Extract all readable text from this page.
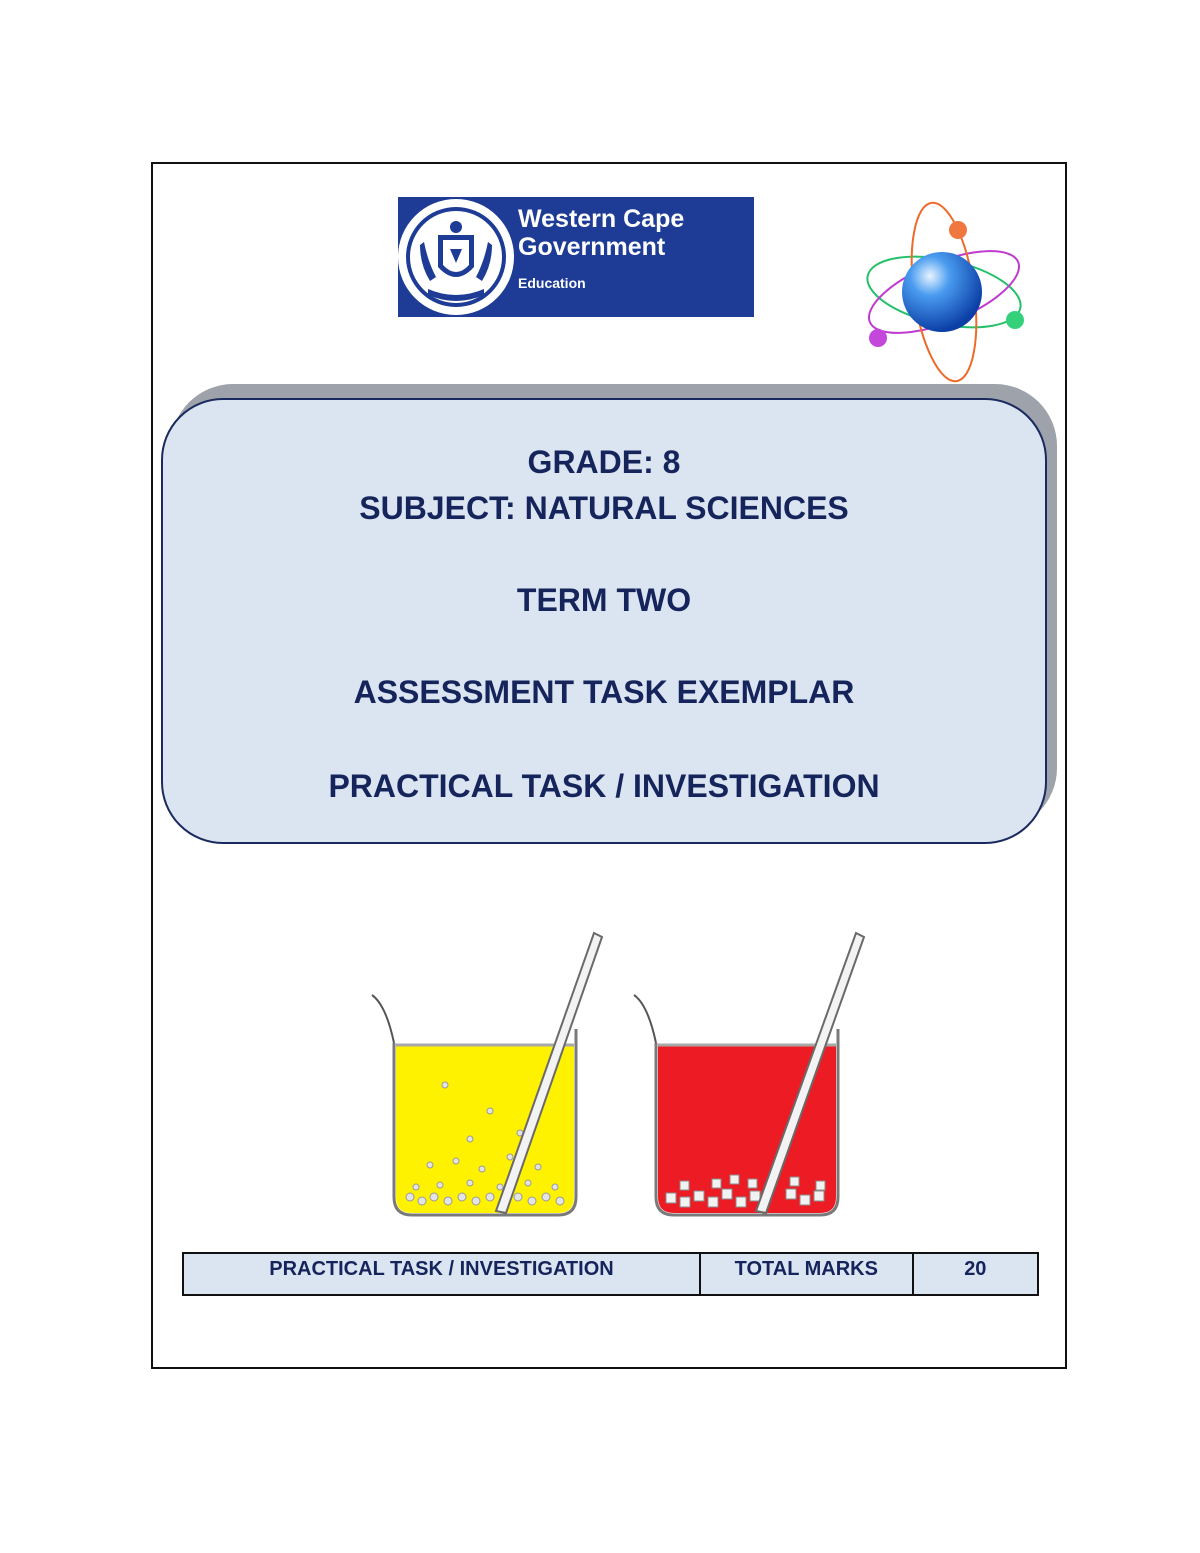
Western Cape
Government
Education
GRADE: 8
SUBJECT: NATURAL SCIENCES
TERM TWO
ASSESSMENT TASK EXEMPLAR
PRACTICAL TASK / INVESTIGATION
PRACTICAL TASK / INVESTIGATION	TOTAL MARKS	20
